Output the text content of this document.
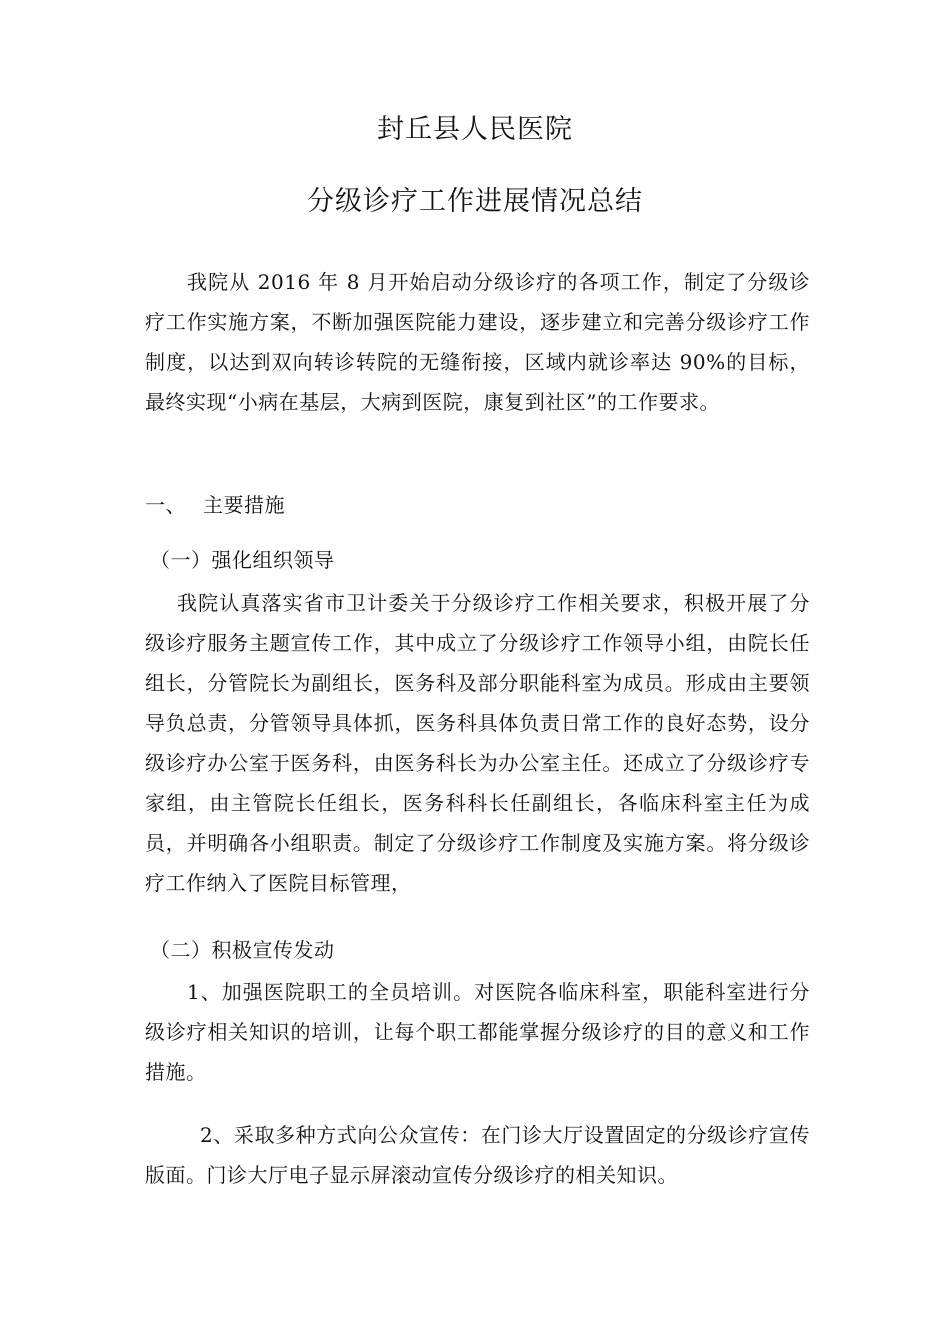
封丘县人民医院
分级诊疗工作进展情况总结

我院从 2016 年 8 月开始启动分级诊疗的各项工作，制定了分级诊疗工作实施方案，不断加强医院能力建设，逐步建立和完善分级诊疗工作制度，以达到双向转诊转院的无缝衔接，区域内就诊率达 90%的目标，最终实现“小病在基层，大病到医院，康复到社区”的工作要求。

一、 主要措施
（一）强化组织领导

我院认真落实省市卫计委关于分级诊疗工作相关要求，积极开展了分级诊疗服务主题宣传工作，其中成立了分级诊疗工作领导小组，由院长任组长，分管院长为副组长，医务科及部分职能科室为成员。形成由主要领导负总责，分管领导具体抓，医务科具体负责日常工作的良好态势，设分级诊疗办公室于医务科，由医务科长为办公室主任。还成立了分级诊疗专家组，由主管院长任组长，医务科科长任副组长，各临床科室主任为成员，并明确各小组职责。制定了分级诊疗工作制度及实施方案。将分级诊疗工作纳入了医院目标管理，

（二）积极宣传发动

1、加强医院职工的全员培训。对医院各临床科室，职能科室进行分级诊疗相关知识的培训，让每个职工都能掌握分级诊疗的目的意义和工作措施。

2、采取多种方式向公众宣传：在门诊大厅设置固定的分级诊疗宣传版面。门诊大厅电子显示屏滚动宣传分级诊疗的相关知识。
